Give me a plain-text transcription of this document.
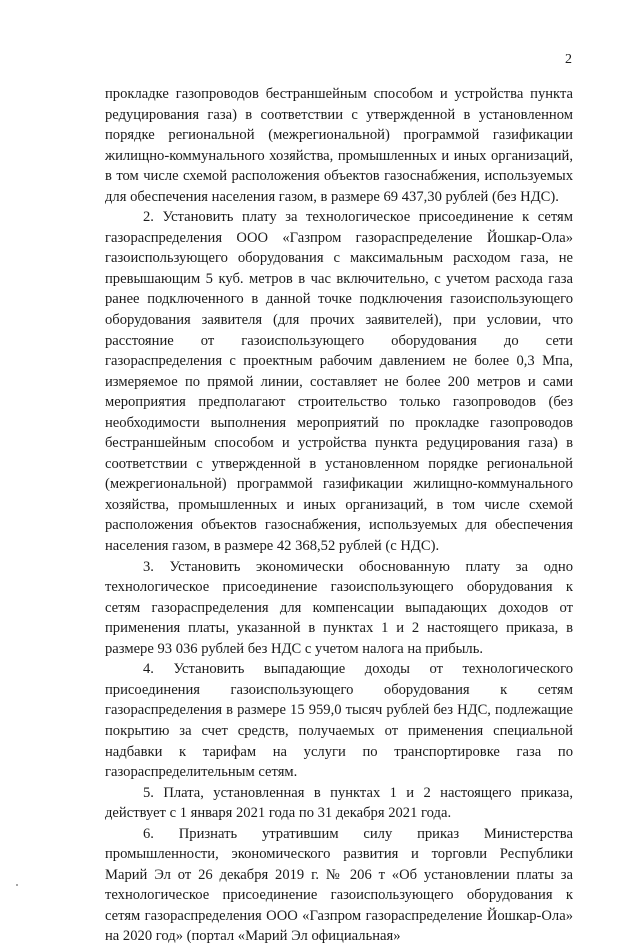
2

прокладке газопроводов бестраншейным способом и устройства пункта редуцирования газа) в соответствии с утвержденной в установленном порядке региональной (межрегиональной) программой газификации жилищно-коммунального хозяйства, промышленных и иных организаций, в том числе схемой расположения объектов газоснабжения, используемых для обеспечения населения газом, в размере 69 437,30 рублей (без НДС).

2. Установить плату за технологическое присоединение к сетям газораспределения ООО «Газпром газораспределение Йошкар-Ола» газоиспользующего оборудования с максимальным расходом газа, не превышающим 5 куб. метров в час включительно, с учетом расхода газа ранее подключенного в данной точке подключения газоиспользующего оборудования заявителя (для прочих заявителей), при условии, что расстояние от газоиспользующего оборудования до сети газораспределения с проектным рабочим давлением не более 0,3 Мпа, измеряемое по прямой линии, составляет не более 200 метров и сами мероприятия предполагают строительство только газопроводов (без необходимости выполнения мероприятий по прокладке газопроводов бестраншейным способом и устройства пункта редуцирования газа) в соответствии с утвержденной в установленном порядке региональной (межрегиональной) программой газификации жилищно-коммунального хозяйства, промышленных и иных организаций, в том числе схемой расположения объектов газоснабжения, используемых для обеспечения населения газом, в размере 42 368,52 рублей (с НДС).

3. Установить экономически обоснованную плату за одно технологическое присоединение газоиспользующего оборудования к сетям газораспределения для компенсации выпадающих доходов от применения платы, указанной в пунктах 1 и 2 настоящего приказа, в размере 93 036 рублей без НДС с учетом налога на прибыль.

4. Установить выпадающие доходы от технологического присоединения газоиспользующего оборудования к сетям газораспределения в размере 15 959,0 тысяч рублей без НДС, подлежащие покрытию за счет средств, получаемых от применения специальной надбавки к тарифам на услуги по транспортировке газа по газораспределительным сетям.

5. Плата, установленная в пунктах 1 и 2 настоящего приказа, действует с 1 января 2021 года по 31 декабря 2021 года.

6. Признать утратившим силу приказ Министерства промышленности, экономического развития и торговли Республики Марий Эл от 26 декабря 2019 г. № 206 т «Об установлении платы за технологическое присоединение газоиспользующего оборудования к сетям газораспределения ООО «Газпром газораспределение Йошкар-Ола» на 2020 год» (портал «Марий Эл официальная»
